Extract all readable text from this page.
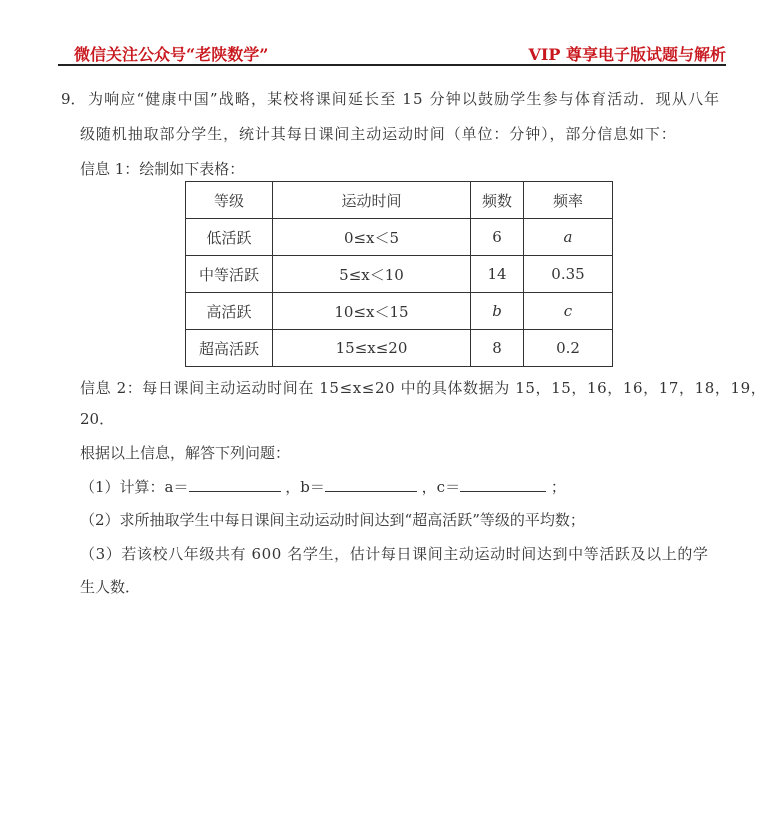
微信关注公众号“老陕数学”	VIP 尊享电子版试题与解析
9． 为响应“健康中国”战略，某校将课间延长至 15 分钟以鼓励学生参与体育活动．现从八年
级随机抽取部分学生，统计其每日课间主动运动时间（单位：分钟），部分信息如下：
信息 1：绘制如下表格：
等级	运动时间	频数	频率
低活跃	0≤x＜5	6	a
中等活跃	5≤x＜10	14	0.35
高活跃	10≤x＜15	b	c
超高活跃	15≤x≤20	8	0.2
信息 2：每日课间主动运动时间在 15≤x≤20 中的具体数据为 15，15，16，16，17，18，19，
20．
根据以上信息，解答下列问题：
（1）计算：a＝	，b＝	，c＝	；
（2）求所抽取学生中每日课间主动运动时间达到“超高活跃”等级的平均数；
（3）若该校八年级共有 600 名学生，估计每日课间主动运动时间达到中等活跃及以上的学
生人数．
